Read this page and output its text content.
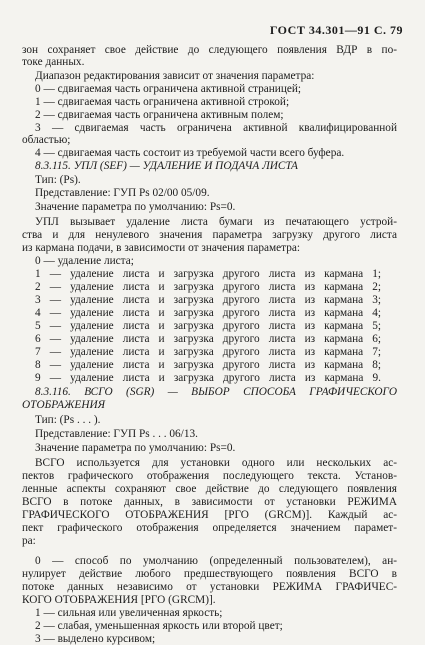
ГОСТ 34.301—91 С. 79
зон сохраняет свое действие до следующего появления ВДР в по-
токе данных.
Диапазон редактирования зависит от значения параметра:
0 — сдвигаемая часть ограничена активной страницей;
1 — сдвигаемая часть ограничена активной строкой;
2 — сдвигаемая часть ограничена активным полем;
3 — сдвигаемая часть ограничена активной квалифицированной
областью;
4 — сдвигаемая часть состоит из требуемой части всего буфера.
8.3.115. УПЛ (SEF) — УДАЛЕНИЕ И ПОДАЧА ЛИСТА
Тип: (Ps).
Представление: ГУП Ps 02/00 05/09.
Значение параметра по умолчанию: Ps=0.
УПЛ вызывает удаление листа бумаги из печатающего устрой-
ства и для ненулевого значения параметра загрузку другого листа
из кармана подачи, в зависимости от значения параметра:
0 — удаление листа;
1 — удаление листа и загрузка другого листа из кармана 1;
2 — удаление листа и загрузка другого листа из кармана 2;
3 — удаление листа и загрузка другого листа из кармана 3;
4 — удаление листа и загрузка другого листа из кармана 4;
5 — удаление листа и загрузка другого листа из кармана 5;
6 — удаление листа и загрузка другого листа из кармана 6;
7 — удаление листа и загрузка другого листа из кармана 7;
8 — удаление листа и загрузка другого листа из кармана 8;
9 — удаление листа и загрузка другого листа из кармана 9.
8.3.116. ВСГО (SGR) — ВЫБОР СПОСОБА ГРАФИЧЕСКОГО
ОТОБРАЖЕНИЯ
Тип: (Ps . . . ).
Представление: ГУП Ps . . . 06/13.
Значение параметра по умолчанию: Ps=0.
ВСГО используется для установки одного или нескольких ас-
пектов графического отображения последующего текста. Установ-
ленные аспекты сохраняют свое действие до следующего появления
ВСГО в потоке данных, в зависимости от установки РЕЖИМА
ГРАФИЧЕСКОГО ОТОБРАЖЕНИЯ [РГО (GRCM)]. Каждый ас-
пект графического отображения определяется значением парамет-
ра:
0 — способ по умолчанию (определенный пользователем), ан-
нулирует действие любого предшествующего появления ВСГО в
потоке данных независимо от установки РЕЖИМА ГРАФИЧЕС-
КОГО ОТОБРАЖЕНИЯ [РГО (GRCM)].
1 — сильная или увеличенная яркость;
2 — слабая, уменьшенная яркость или второй цвет;
3 — выделено курсивом;
